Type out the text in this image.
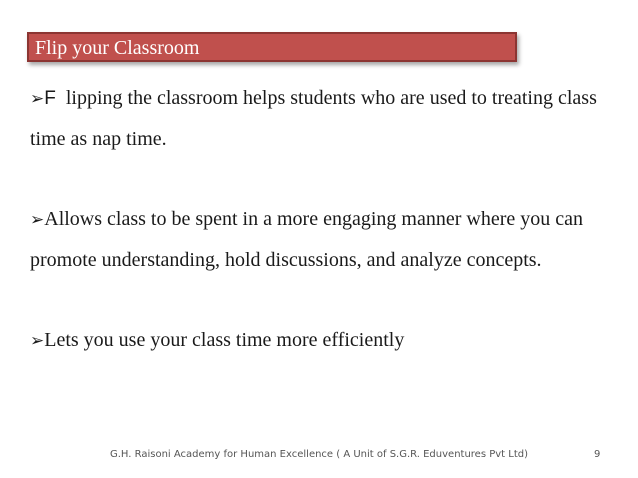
Flip your Classroom

➢F lipping the classroom helps students who are used to treating class time as nap time.

➢Allows class to be spent in a more engaging manner where you can promote understanding, hold discussions, and analyze concepts.

➢Lets you use your class time more efficiently

G.H. Raisoni Academy for Human Excellence ( A Unit of S.G.R. Eduventures Pvt Ltd)	9
